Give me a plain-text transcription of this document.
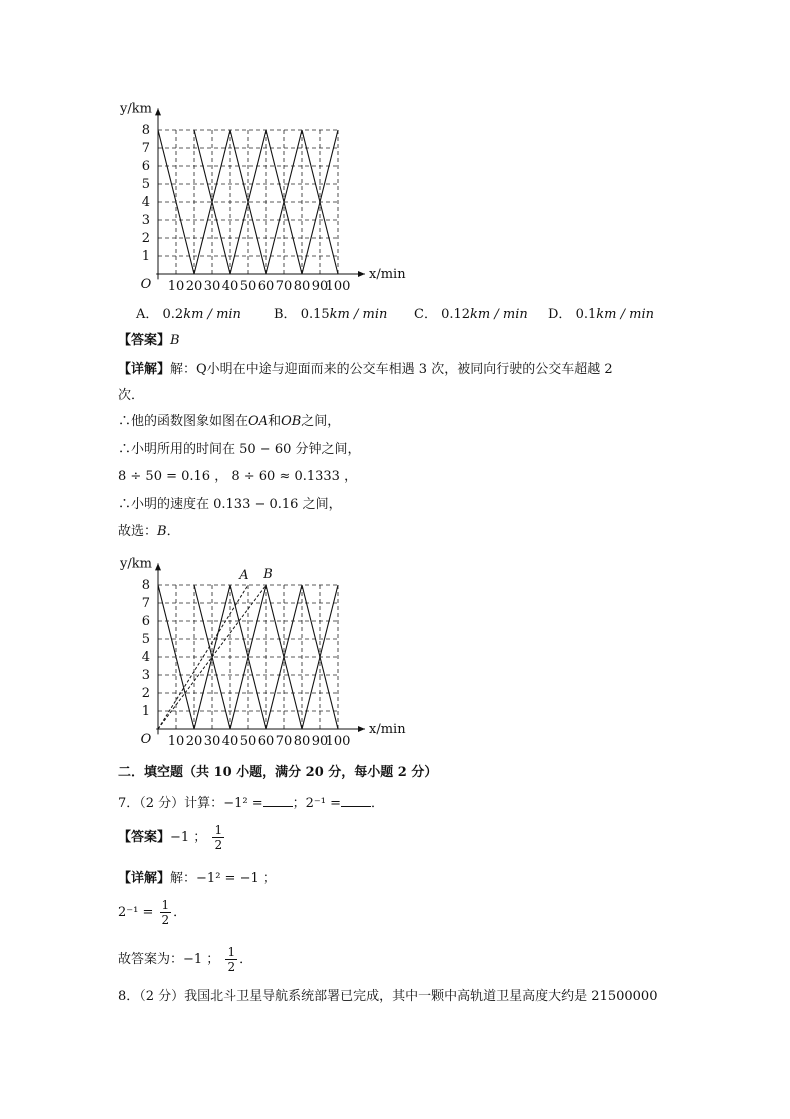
8
7
6
5
4
3
2
1
10 20 30 40 50 60 70 80 90
100
O
y/km
x/min
A． 0.2km / min	B． 0.15km / min C． 0.12km / min D． 0.1km / min
【答案】B
【详解】解：Q小明在中途与迎面而来的公交车相遇 3 次，被同向行驶的公交车超越 2
次．
∴他的函数图象如图在OA和OB之间，
∴小明所用的时间在 50 − 60 分钟之间，
8 ÷ 50 = 0.16 ， 8 ÷ 60 ≈ 0.1333 ，
∴小明的速度在 0.133 − 0.16 之间，
故选：B．
8
7
6
5
4
3
2
1
10 20 30 40 50 60 70 80 90
100
O
y/km
x/min
A B
二．填空题（共 10 小题，满分 20 分，每小题 2 分）
7．（2 分）计算：−1² = ；2⁻¹ = ．
【答案】−1 ； $\frac{1}{2}$
【详解】解：−1² = −1 ；
$2^{-1} = \frac{1}{2}$ ．
故答案为：−1 ； $\frac{1}{2}$ ．
8．（2 分）我国北斗卫星导航系统部署已完成，其中一颗中高轨道卫星高度大约是 21500000
